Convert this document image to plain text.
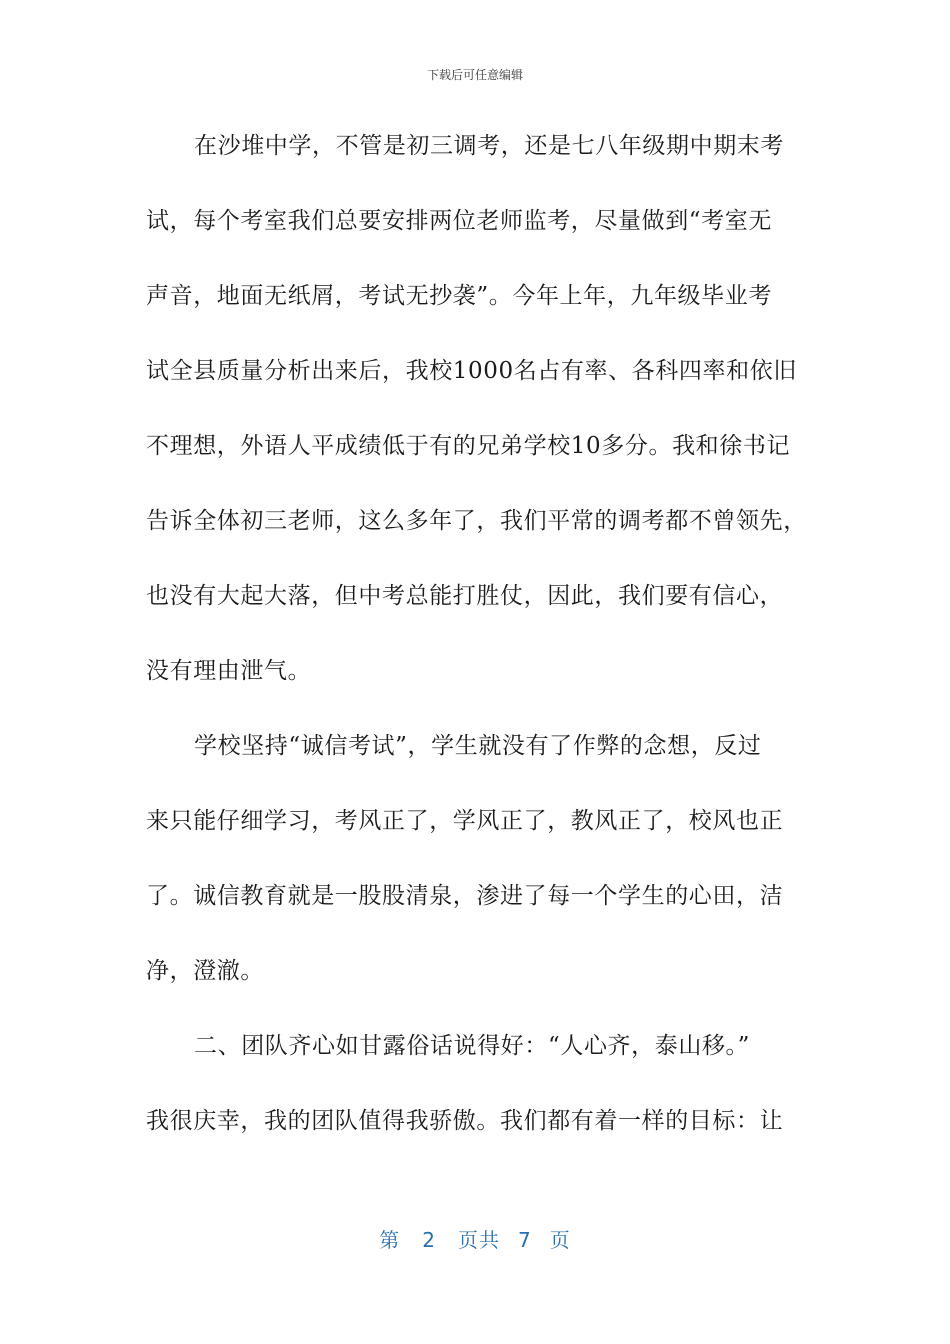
下载后可任意编辑
在沙堆中学，不管是初三调考，还是七八年级期中期末考
试，每个考室我们总要安排两位老师监考，尽量做到“考室无
声音，地面无纸屑，考试无抄袭”。今年上年，九年级毕业考
试全县质量分析出来后，我校1000名占有率、各科四率和依旧
不理想，外语人平成绩低于有的兄弟学校10多分。我和徐书记
告诉全体初三老师，这么多年了，我们平常的调考都不曾领先，
也没有大起大落，但中考总能打胜仗，因此，我们要有信心，
没有理由泄气。
学校坚持“诚信考试”，学生就没有了作弊的念想，反过
来只能仔细学习，考风正了，学风正了，教风正了，校风也正
了。诚信教育就是一股股清泉，渗进了每一个学生的心田，洁
净，澄澈。
二、团队齐心如甘露俗话说得好：“人心齐，泰山移。”
我很庆幸，我的团队值得我骄傲。我们都有着一样的目标：让
第 2 页共 7 页
